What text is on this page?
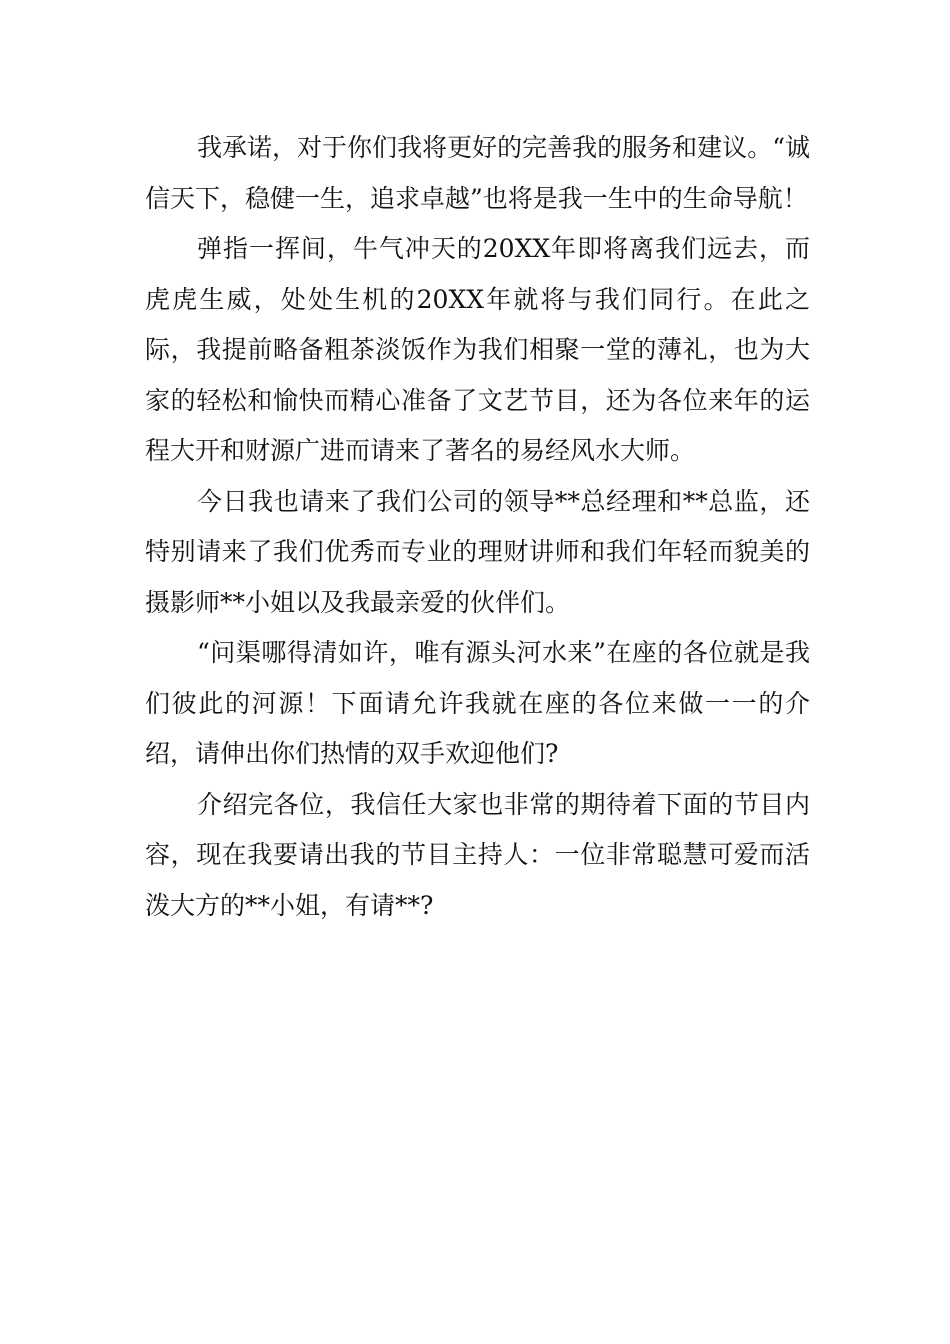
我承诺，对于你们我将更好的完善我的服务和建议。“诚信天下，稳健一生，追求卓越”也将是我一生中的生命导航！

弹指一挥间，牛气冲天的20XX年即将离我们远去，而虎虎生威，处处生机的20XX年就将与我们同行。在此之际，我提前略备粗茶淡饭作为我们相聚一堂的薄礼，也为大家的轻松和愉快而精心准备了文艺节目，还为各位来年的运程大开和财源广进而请来了著名的易经风水大师。

今日我也请来了我们公司的领导**总经理和**总监，还特别请来了我们优秀而专业的理财讲师和我们年轻而貌美的摄影师**小姐以及我最亲爱的伙伴们。

“问渠哪得清如许，唯有源头河水来”在座的各位就是我们彼此的河源！下面请允许我就在座的各位来做一一的介绍，请伸出你们热情的双手欢迎他们?

介绍完各位，我信任大家也非常的期待着下面的节目内容，现在我要请出我的节目主持人：一位非常聪慧可爱而活泼大方的**小姐，有请**?
